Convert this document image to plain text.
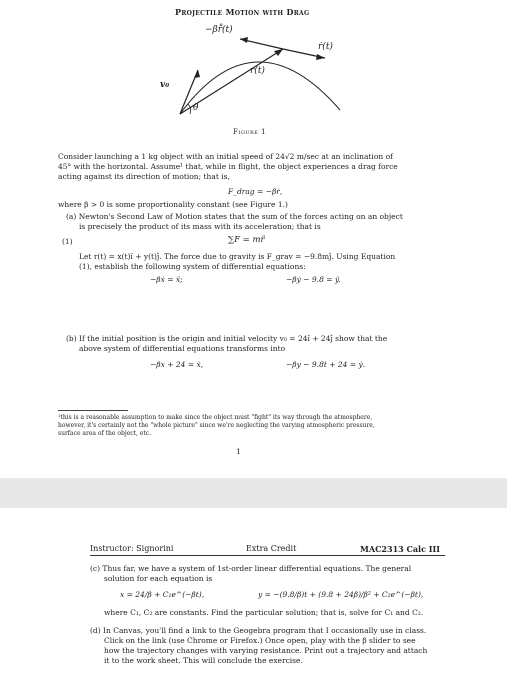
Projectile Motion with Drag
−βr̊(t)
ṙ(t)
r(t)
v₀
θ
Figure 1
Consider launching a 1 kg object with an initial speed of 24√2 m/sec at an inclination of
45° with the horizontal. Assume¹ that, while in flight, the object experiences a drag force
acting against its direction of motion; that is,
F_drag = −βṙ,
where β > 0 is some proportionality constant (see Figure 1.)
(a) Newton's Second Law of Motion states that the sum of the forces acting on an object
is precisely the product of its mass with its acceleration; that is
(1)	∑F = mr̈
Let r(t) = x(t)î + y(t)ĵ. The force due to gravity is F_grav = −9.8mĵ. Using Equation
(1), establish the following system of differential equations:
−βẋ = ẍ;	−βẏ − 9.8 = ÿ.
(b) If the initial position is the origin and initial velocity v₀ = 24î + 24ĵ show that the
above system of differential equations transforms into
−βx + 24 = ẋ,	−βy − 9.8t + 24 = ẏ.
¹this is a reasonable assumption to make since the object must "fight" its way through the atmosphere,
however, it's certainly not the "whole picture" since we're neglecting the varying atmospheric pressure,
surface area of the object, etc.
1
Instructor: Signorini	Extra Credit	MAC2313 Calc III
(c) Thus far, we have a system of 1st-order linear differential equations. The general
solution for each equation is
x = 24/β + C₁e^(−βt),	y = −(9.8/β)t + (9.8 + 24β)/β² + C₂e^(−βt),
where C₁, C₂ are constants. Find the particular solution; that is, solve for C₁ and C₂.
(d) In Canvas, you'll find a link to the Geogebra program that I occasionally use in class.
Click on the link (use Chrome or Firefox.) Once open, play with the β slider to see
how the trajectory changes with varying resistance. Print out a trajectory and attach
it to the work sheet. This will conclude the exercise.
